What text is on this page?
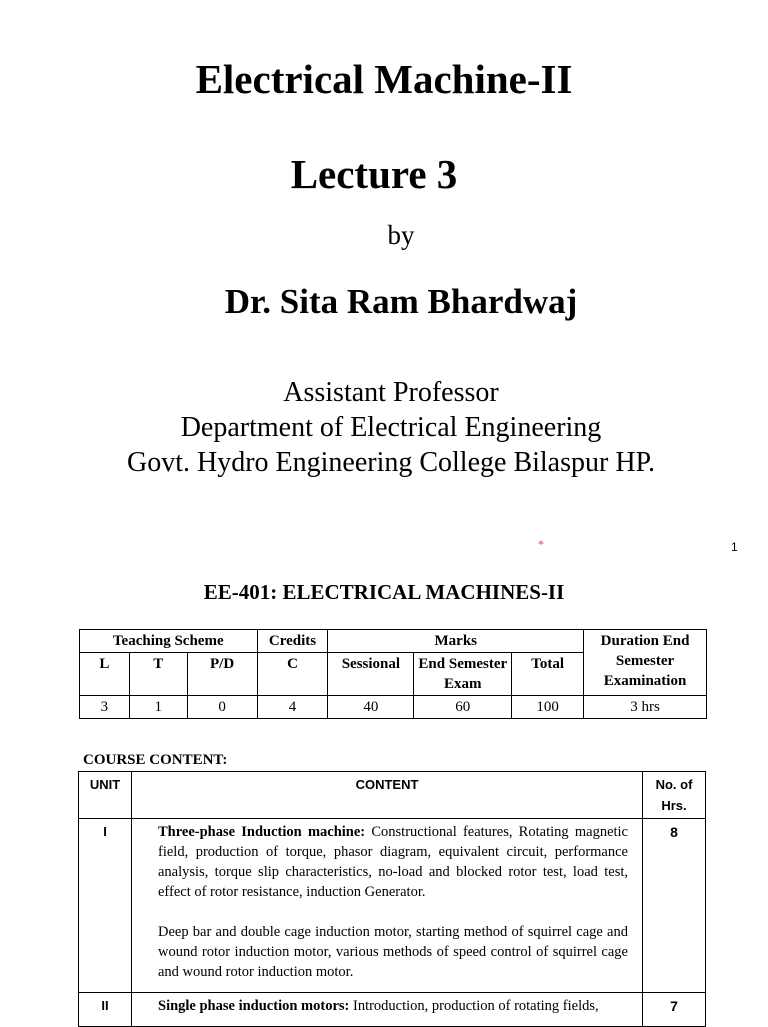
Electrical Machine-II
Lecture 3
by
Dr. Sita Ram Bhardwaj
Assistant Professor
Department of Electrical Engineering
Govt. Hydro Engineering College Bilaspur HP.
*	1
EE-401: ELECTRICAL MACHINES-II
Teaching Scheme			Credits	Marks			Duration End Semester Examination
L	T	P/D	C	Sessional	End Semester Exam	Total	
3	1	0	4	40	60	100	3 hrs
COURSE CONTENT:
UNIT	CONTENT	No. of Hrs.
I	Three-phase Induction machine: Constructional features, Rotating magnetic field, production of torque, phasor diagram, equivalent circuit, performance analysis, torque slip characteristics, no-load and blocked rotor test, load test, effect of rotor resistance, induction Generator.

Deep bar and double cage induction motor, starting method of squirrel cage and wound rotor induction motor, various methods of speed control of squirrel cage and wound rotor induction motor.	8
II	Single phase induction motors: Introduction, production of rotating fields,	7
